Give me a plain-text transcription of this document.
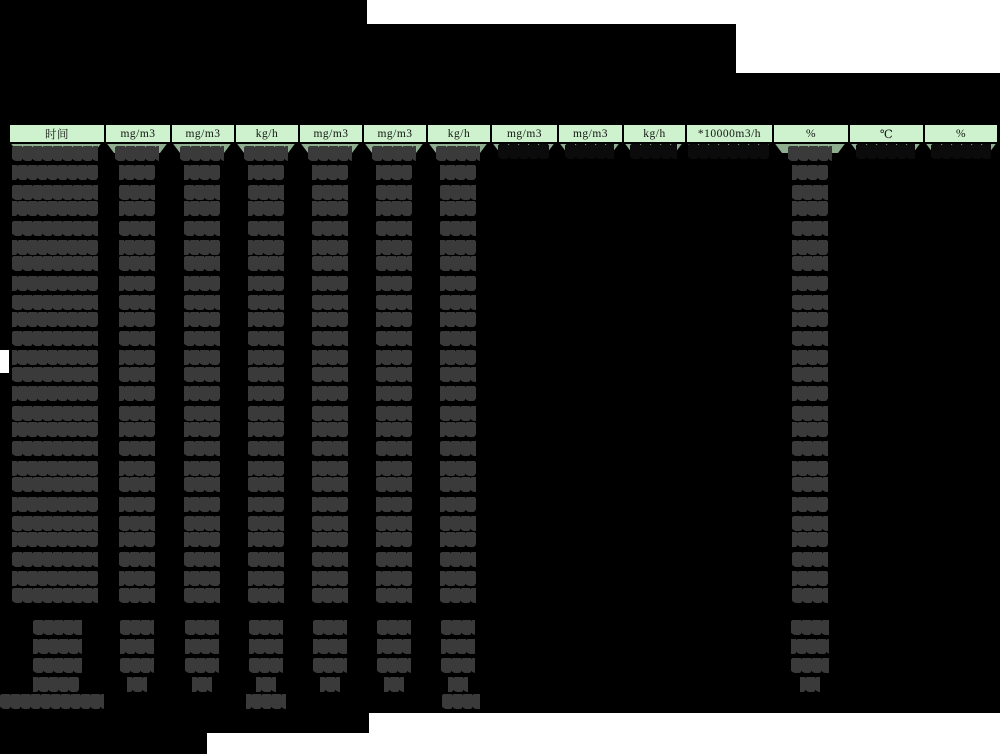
时间	mg/m3	mg/m3	kg/h	mg/m3	mg/m3	kg/h	mg/m3	mg/m3	kg/h	*10000m3/h	%	℃	%
